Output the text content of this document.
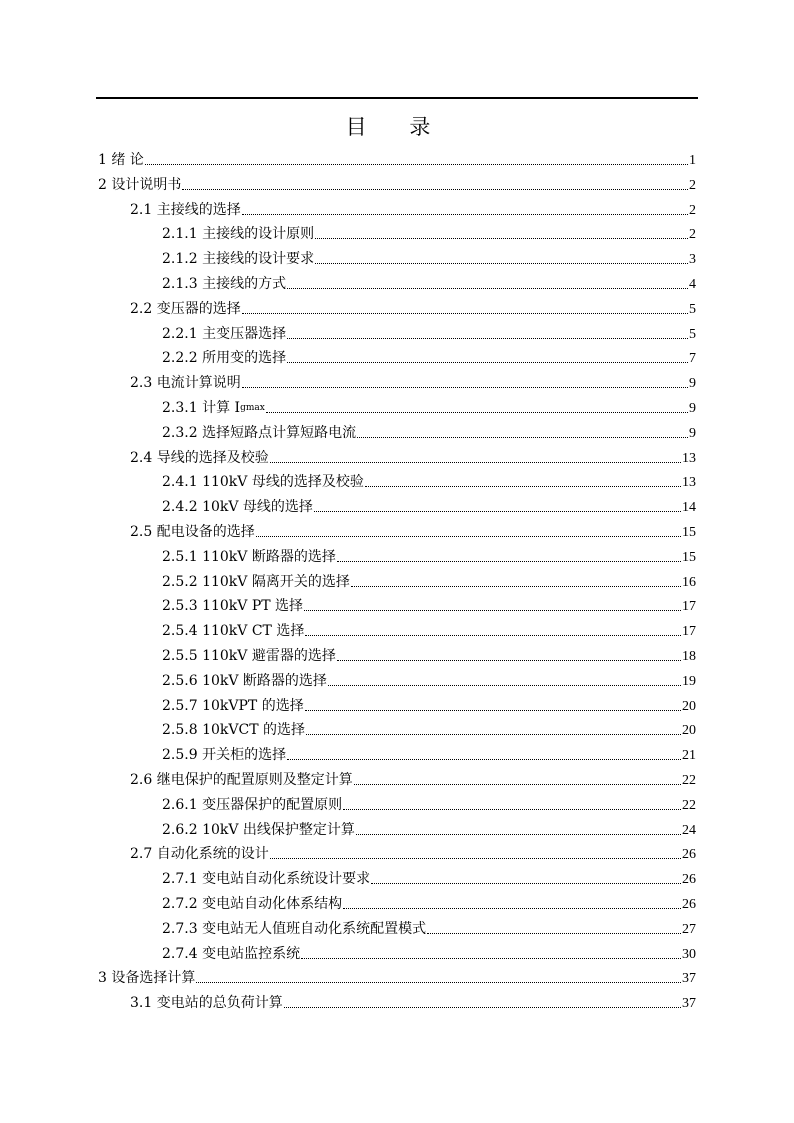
目 录
1 绪 论	1
2 设计说明书	2
2.1 主接线的选择	2
2.1.1 主接线的设计原则	2
2.1.2 主接线的设计要求	3
2.1.3 主接线的方式	4
2.2 变压器的选择	5
2.2.1 主变压器选择	5
2.2.2 所用变的选择	7
2.3 电流计算说明	9
2.3.1 计算 I gmax	9
2.3.2 选择短路点计算短路电流	9
2.4 导线的选择及校验	13
2.4.1 110kV 母线的选择及校验	13
2.4.2 10kV 母线的选择	14
2.5 配电设备的选择	15
2.5.1 110kV 断路器的选择	15
2.5.2 110kV 隔离开关的选择	16
2.5.3 110kV PT 选择	17
2.5.4 110kV CT 选择	17
2.5.5 110kV 避雷器的选择	18
2.5.6 10kV 断路器的选择	19
2.5.7 10kVPT 的选择	20
2.5.8 10kVCT 的选择	20
2.5.9 开关柜的选择	21
2.6 继电保护的配置原则及整定计算	22
2.6.1 变压器保护的配置原则	22
2.6.2 10kV 出线保护整定计算	24
2.7 自动化系统的设计	26
2.7.1 变电站自动化系统设计要求	26
2.7.2 变电站自动化体系结构	26
2.7.3 变电站无人值班自动化系统配置模式	27
2.7.4 变电站监控系统	30
3 设备选择计算	37
3.1 变电站的总负荷计算	37
